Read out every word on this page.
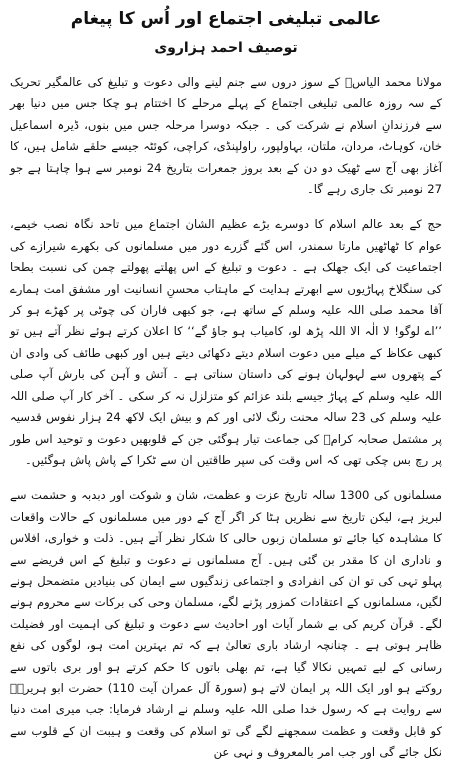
عالمی تبلیغی اجتماع اور اُس کا پیغام
توصیف احمد ہزاروی

مولانا محمد الیاسؒ کے سوز دروں سے جنم لینے والی دعوت و تبلیغ کی عالمگیر تحریک کے سہ روزہ عالمی تبلیغی اجتماع کے پہلے مرحلے کا اختتام ہو چکا جس میں دنیا بھر سے فرزندانِ اسلام نے شرکت کی ۔ جبکہ دوسرا مرحلہ جس میں بنوں، ڈیرہ اسماعیل خان، کوہاٹ، مردان، ملتان، بہاولپور، راولپنڈی، کراچی، کوئٹہ جیسے حلقے شامل ہیں، کا آغاز بھی آج سے ٹھیک دو دن کے بعد بروز جمعرات بتاریخ 24 نومبر سے ہوا چاہتا ہے جو 27 نومبر تک جاری رہے گا۔

حج کے بعد عالم اسلام کا دوسرے بڑے عظیم الشان اجتماع میں تاحد نگاہ نصب خیمے، عوام کا ٹھاٹھیں مارتا سمندر، اس گئے گزرے دور میں مسلمانوں کی بکھرے شیرازے کی اجتماعیت کی ایک جھلک ہے ۔ دعوت و تبلیغ کے اس پھلتے پھولتے چمن کی نسبت بطحا کی سنگلاخ پہاڑیوں سے ابھرتے ہدایت کے ماہتاب محسنِ انسانیت اور مشفق امت ہمارے آقا محمد صلی اللہ علیہ وسلم کے ساتھ ہے، جو کبھی فاران کی چوٹی پر کھڑے ہو کر ’’اے لوگو! لا الٰہ الا اللہ پڑھ لو، کامیاب ہو جاؤ گے‘‘ کا اعلان کرتے ہوئے نظر آتے ہیں تو کبھی عکاظ کے میلے میں دعوت اسلام دیتے دکھائی دیتے ہیں اور کبھی طائف کی وادی ان کے پتھروں سے لہولہان ہونے کی داستان سناتی ہے ۔ آتش و آہن کی بارش آپ صلی اللہ علیہ وسلم کے پہاڑ جیسے بلند عزائم کو متزلزل نہ کر سکی ۔ آخر کار آپ صلی اللہ علیہ وسلم کی 23 سالہ محنت رنگ لائی اور کم و بیش ایک لاکھ 24 ہزار نفوس قدسیہ پر مشتمل صحابہ کرامؓ کی جماعت تیار ہوگئی جن کے قلوبھیں دعوت و توحید اس طور پر رچ بس چکی تھی کہ اس وقت کی سپر طاقتیں ان سے ٹکرا کے پاش پاش ہوگئیں۔

مسلمانوں کی 1300 سالہ تاریخ عزت و عظمت، شان و شوکت اور دبدبہ و حشمت سے لبریز ہے، لیکن تاریخ سے نظریں ہٹا کر اگر آج کے دور میں مسلمانوں کے حالات واقعات کا مشاہدہ کیا جائے تو مسلمان زبوں حالی کا شکار نظر آتے ہیں۔ ذلت و خواری، افلاس و ناداری ان کا مقدر بن گئی ہیں۔ آج مسلمانوں نے دعوت و تبلیغ کے اس فریضے سے پہلو تہی کی تو ان کی انفرادی و اجتماعی زندگیوں سے ایمان کی بنیادیں متضمحل ہونے لگیں، مسلمانوں کے اعتقادات کمزور پڑنے لگے، مسلمان وحی کی برکات سے محروم ہونے لگے۔ قرآن کریم کی بے شمار آیات اور احادیث سے دعوت و تبلیغ کی اہمیت اور فضیلت ظاہر ہوتی ہے ۔ چنانچہ ارشاد باری تعالیٰ ہے کہ تم بہترین امت ہو، لوگوں کی نفع رسانی کے لیے تمہیں نکالا گیا ہے، تم بھلی باتوں کا حکم کرتے ہو اور بری باتوں سے روکتے ہو اور ایک اللہ پر ایمان لاتے ہو (سورۃ آل عمران آیت 110) حضرت ابو ہریرہؓ سے روایت ہے کہ رسول خدا صلی اللہ علیہ وسلم نے ارشاد فرمایا: جب میری امت دنیا کو قابل وقعت و عظمت سمجھنے لگے گی تو اسلام کی وقعت و ہیبت ان کے قلوب سے نکل جائے گی اور جب امر بالمعروف و نہی عن
